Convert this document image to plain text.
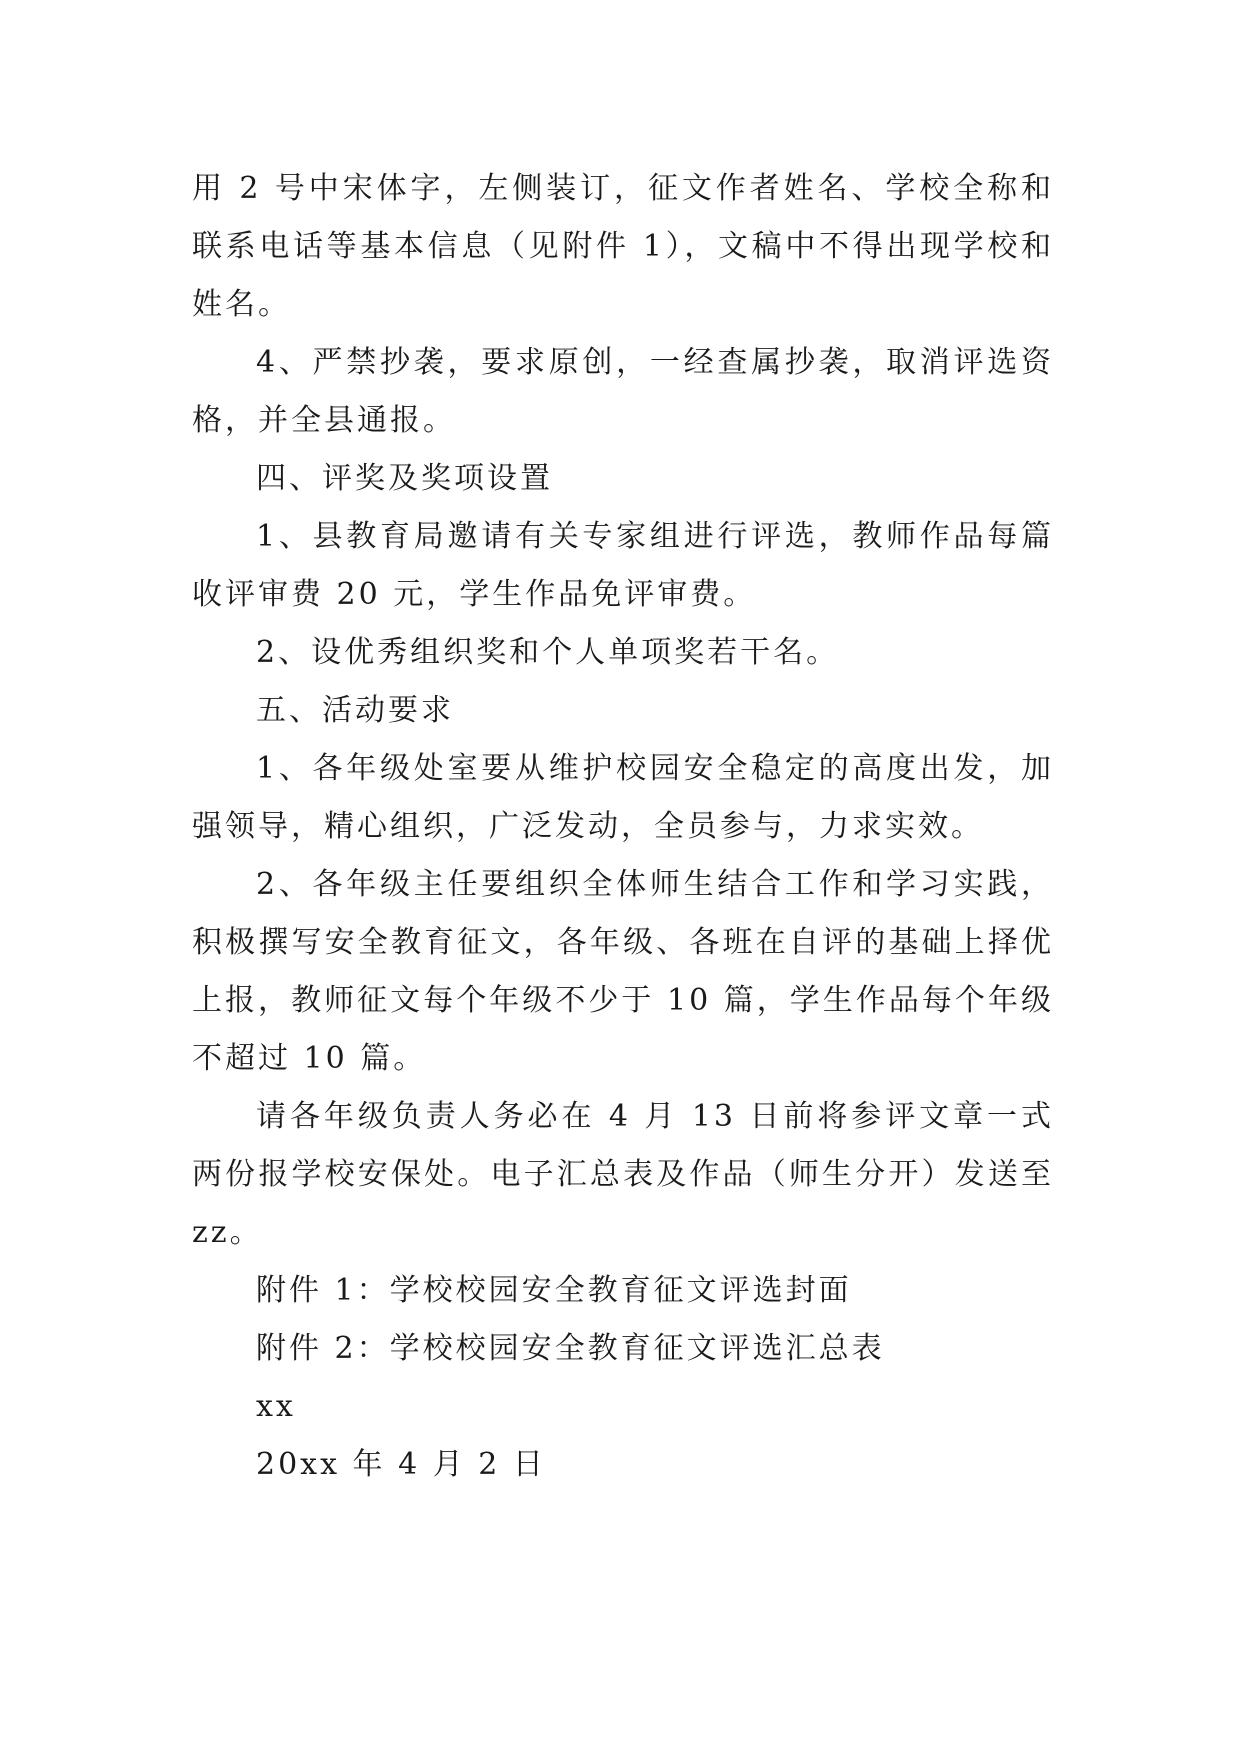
用 2 号中宋体字，左侧装订，征文作者姓名、学校全称和联系电话等基本信息（见附件 1），文稿中不得出现学校和姓名。

4、严禁抄袭，要求原创，一经查属抄袭，取消评选资格，并全县通报。

四、评奖及奖项设置

1、县教育局邀请有关专家组进行评选，教师作品每篇收评审费 20 元，学生作品免评审费。

2、设优秀组织奖和个人单项奖若干名。

五、活动要求

1、各年级处室要从维护校园安全稳定的高度出发，加强领导，精心组织，广泛发动，全员参与，力求实效。

2、各年级主任要组织全体师生结合工作和学习实践，积极撰写安全教育征文，各年级、各班在自评的基础上择优上报，教师征文每个年级不少于 10 篇，学生作品每个年级不超过 10 篇。

请各年级负责人务必在 4 月 13 日前将参评文章一式两份报学校安保处。电子汇总表及作品（师生分开）发送至 zz。

附件 1：学校校园安全教育征文评选封面

附件 2：学校校园安全教育征文评选汇总表

xx

20xx 年 4 月 2 日
